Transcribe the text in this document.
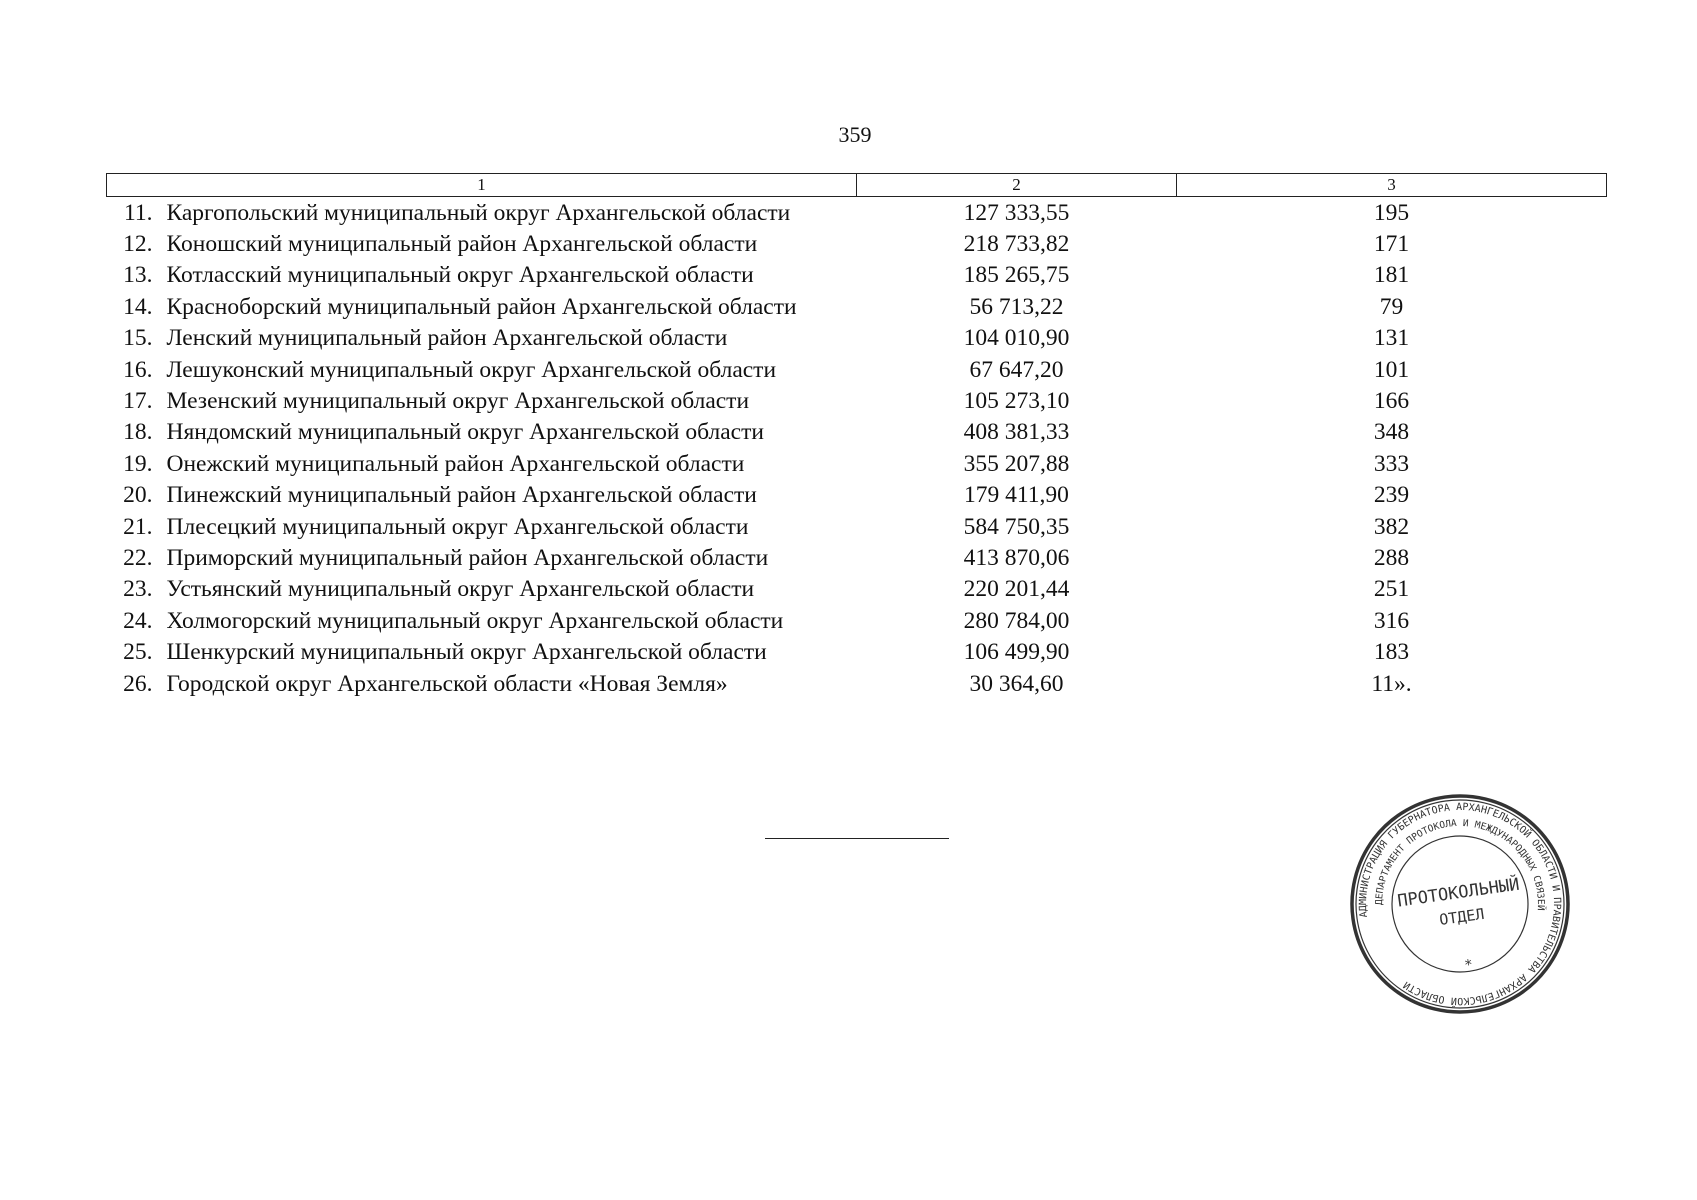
359
1		2	3
11.	Каргопольский муниципальный округ Архангельской области	127 333,55	195
12.	Коношский муниципальный район Архангельской области	218 733,82	171
13.	Котласский муниципальный округ Архангельской области	185 265,75	181
14.	Красноборский муниципальный район Архангельской области	56 713,22	79
15.	Ленский муниципальный район Архангельской области	104 010,90	131
16.	Лешуконский муниципальный округ Архангельской области	67 647,20	101
17.	Мезенский муниципальный округ Архангельской области	105 273,10	166
18.	Няндомский муниципальный округ Архангельской области	408 381,33	348
19.	Онежский муниципальный район Архангельской области	355 207,88	333
20.	Пинежский муниципальный район Архангельской области	179 411,90	239
21.	Плесецкий муниципальный округ Архангельской области	584 750,35	382
22.	Приморский муниципальный район Архангельской области	413 870,06	288
23.	Устьянский муниципальный округ Архангельской области	220 201,44	251
24.	Холмогорский муниципальный округ Архангельской области	280 784,00	316
25.	Шенкурский муниципальный округ Архангельской области	106 499,90	183
26.	Городской округ Архангельской области «Новая Земля»	30 364,60	11».
АДМИНИСТРАЦИЯ ГУБЕРНАТОРА АРХАНГЕЛЬСКОЙ ОБЛАСТИ И ПРАВИТЕЛЬСТВА АРХАНГЕЛЬСКОЙ ОБЛАСТИ
ДЕПАРТАМЕНТ ПРОТОКОЛА И МЕЖДУНАРОДНЫХ СВЯЗЕЙ
ПРОТОКОЛЬНЫЙ
ОТДЕЛ
*
